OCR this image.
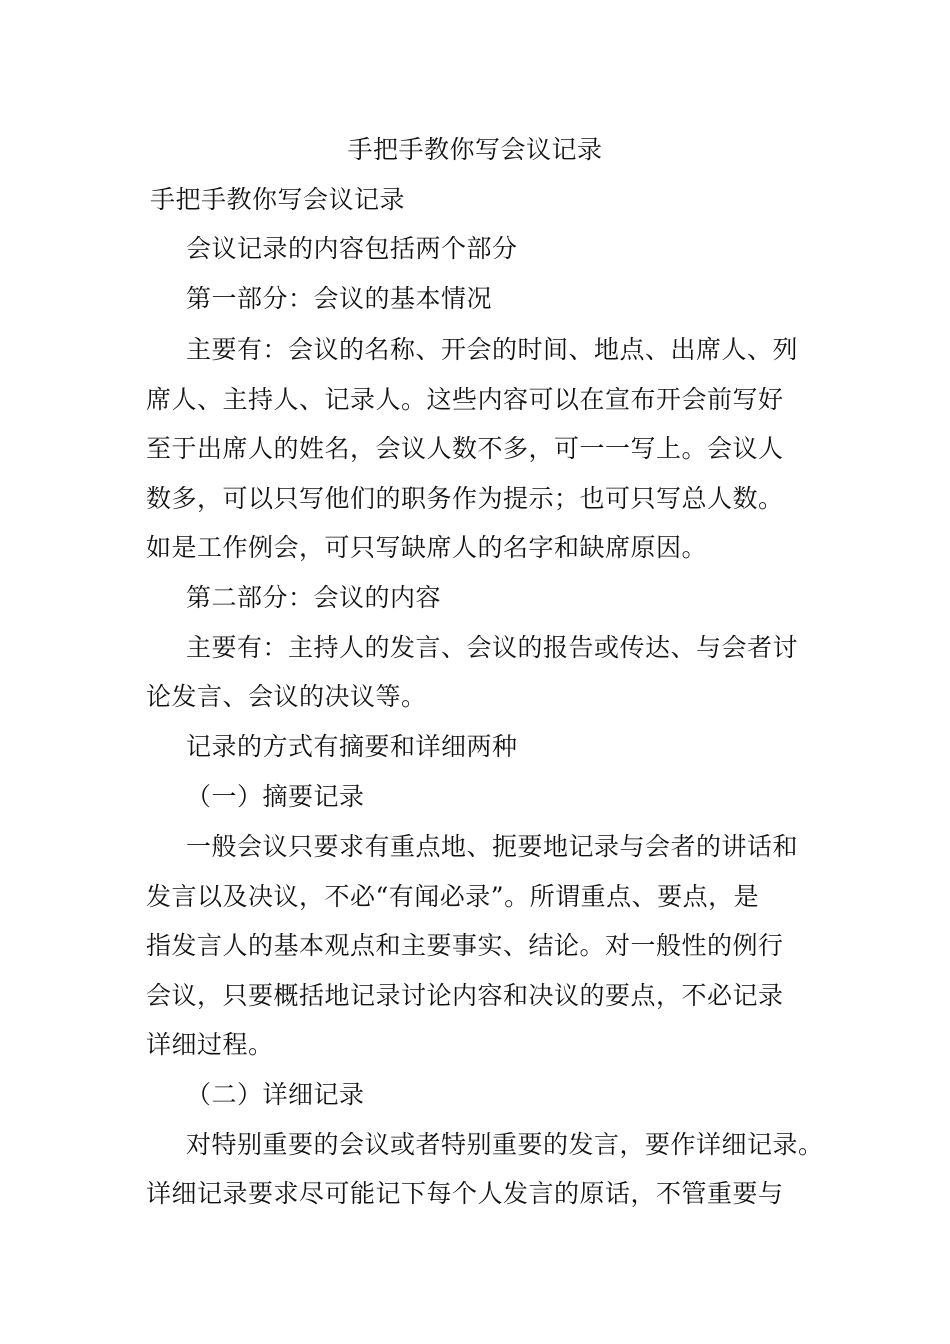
手把手教你写会议记录
手把手教你写会议记录
会议记录的内容包括两个部分
第一部分：会议的基本情况
主要有：会议的名称、开会的时间、地点、出席人、列
席人、主持人、记录人。这些内容可以在宣布开会前写好
至于出席人的姓名，会议人数不多，可一一写上。会议人
数多，可以只写他们的职务作为提示；也可只写总人数。
如是工作例会，可只写缺席人的名字和缺席原因。
第二部分：会议的内容
主要有：主持人的发言、会议的报告或传达、与会者讨
论发言、会议的决议等。
记录的方式有摘要和详细两种
（一）摘要记录
一般会议只要求有重点地、扼要地记录与会者的讲话和
发言以及决议，不必“有闻必录”。所谓重点、要点，是
指发言人的基本观点和主要事实、结论。对一般性的例行
会议，只要概括地记录讨论内容和决议的要点，不必记录
详细过程。
（二）详细记录
对特别重要的会议或者特别重要的发言，要作详细记录。
详细记录要求尽可能记下每个人发言的原话，不管重要与
